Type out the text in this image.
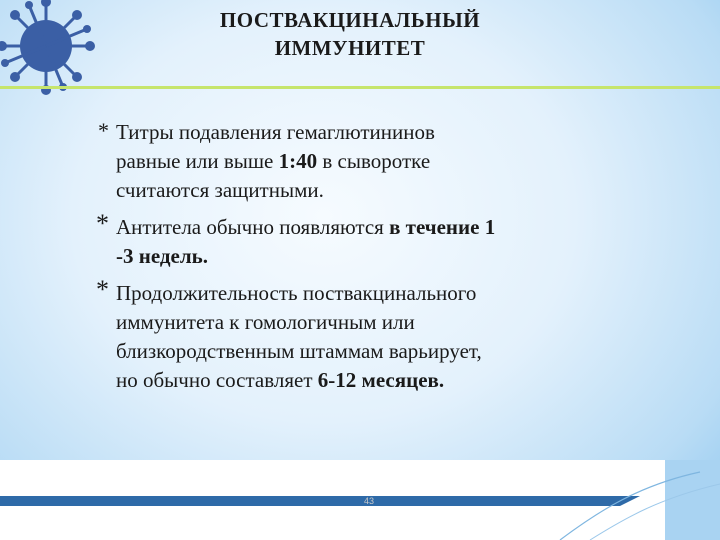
ПОСТВАКЦИНАЛЬНЫЙ
ИММУНИТЕТ
* Титры подавления гемаглютининов
равные или выше 1:40 в сыворотке
считаются защитными.
* Антитела обычно появляются в течение 1
-3 недель.
* Продолжительность поствакцинального
иммунитета к гомологичным или
близкородственным штаммам варьирует,
но обычно составляет 6-12 месяцев.
43
